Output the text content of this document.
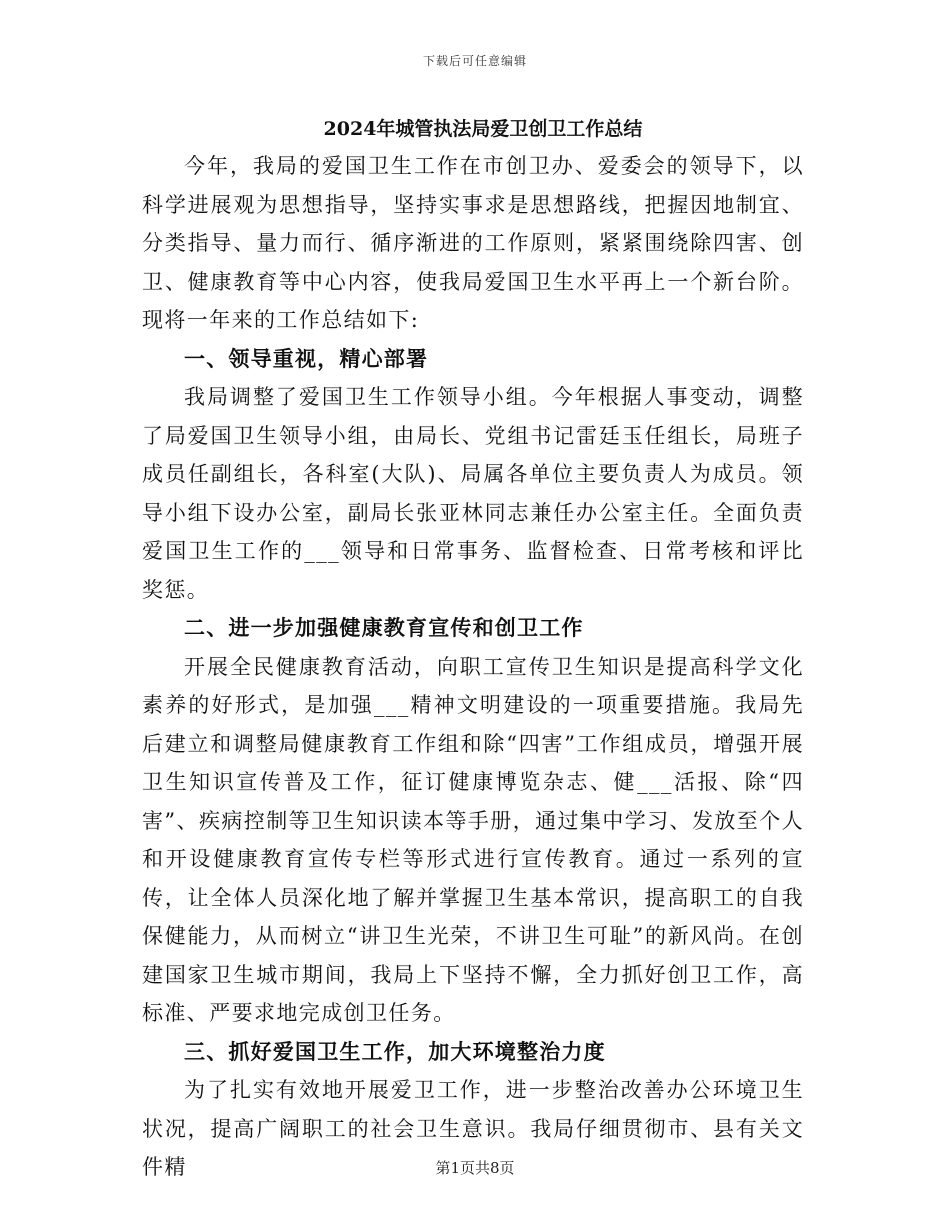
下载后可任意编辑
2024年城管执法局爱卫创卫工作总结

今年，我局的爱国卫生工作在市创卫办、爱委会的领导下，以科学进展观为思想指导，坚持实事求是思想路线，把握因地制宜、分类指导、量力而行、循序渐进的工作原则，紧紧围绕除四害、创卫、健康教育等中心内容，使我局爱国卫生水平再上一个新台阶。现将一年来的工作总结如下:

一、领导重视，精心部署

我局调整了爱国卫生工作领导小组。今年根据人事变动，调整了局爱国卫生领导小组，由局长、党组书记雷廷玉任组长，局班子成员任副组长，各科室(大队)、局属各单位主要负责人为成员。领导小组下设办公室，副局长张亚林同志兼任办公室主任。全面负责爱国卫生工作的___领导和日常事务、监督检查、日常考核和评比奖惩。

二、进一步加强健康教育宣传和创卫工作

开展全民健康教育活动，向职工宣传卫生知识是提高科学文化素养的好形式，是加强___精神文明建设的一项重要措施。我局先后建立和调整局健康教育工作组和除“四害”工作组成员，增强开展卫生知识宣传普及工作，征订健康博览杂志、健___活报、除“四害”、疾病控制等卫生知识读本等手册，通过集中学习、发放至个人和开设健康教育宣传专栏等形式进行宣传教育。通过一系列的宣传，让全体人员深化地了解并掌握卫生基本常识，提高职工的自我保健能力，从而树立“讲卫生光荣，不讲卫生可耻”的新风尚。在创建国家卫生城市期间，我局上下坚持不懈，全力抓好创卫工作，高标准、严要求地完成创卫任务。

三、抓好爱国卫生工作，加大环境整治力度

为了扎实有效地开展爱卫工作，进一步整治改善办公环境卫生状况，提高广阔职工的社会卫生意识。我局仔细贯彻市、县有关文件精	第1页共8页
